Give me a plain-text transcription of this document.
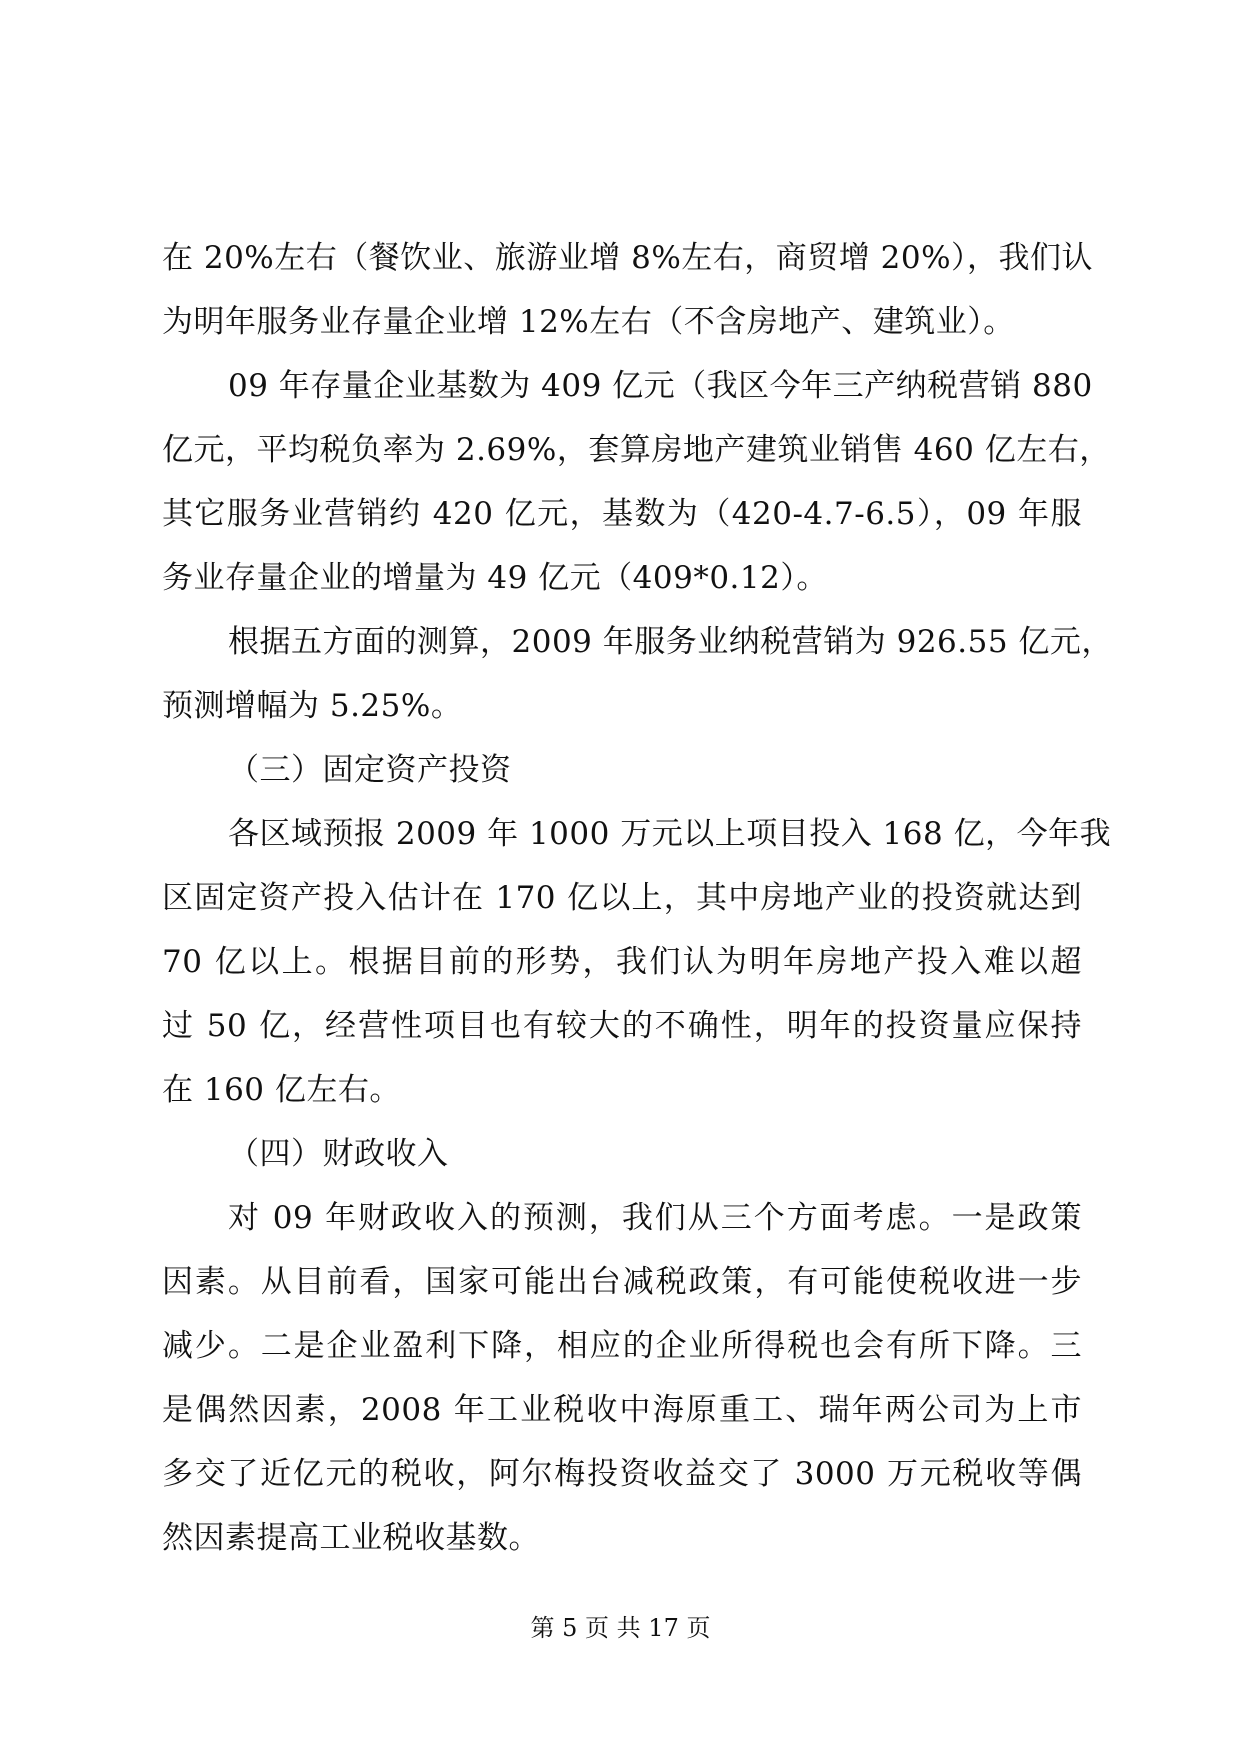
在 20%左右（餐饮业、旅游业增 8%左右，商贸增 20%），我们认
为明年服务业存量企业增 12%左右（不含房地产、建筑业）。
09 年存量企业基数为 409 亿元（我区今年三产纳税营销 880
亿元，平均税负率为 2.69%，套算房地产建筑业销售 460 亿左右，
其它服务业营销约 420 亿元，基数为（420-4.7-6.5），09 年服
务业存量企业的增量为 49 亿元（409*0.12）。
根据五方面的测算，2009 年服务业纳税营销为 926.55 亿元，
预测增幅为 5.25%。
（三）固定资产投资
各区域预报 2009 年 1000 万元以上项目投入 168 亿，今年我
区固定资产投入估计在 170 亿以上，其中房地产业的投资就达到
70 亿以上。根据目前的形势，我们认为明年房地产投入难以超
过 50 亿，经营性项目也有较大的不确性，明年的投资量应保持
在 160 亿左右。
（四）财政收入
对 09 年财政收入的预测，我们从三个方面考虑。一是政策
因素。从目前看，国家可能出台减税政策，有可能使税收进一步
减少。二是企业盈利下降，相应的企业所得税也会有所下降。三
是偶然因素，2008 年工业税收中海原重工、瑞年两公司为上市
多交了近亿元的税收，阿尔梅投资收益交了 3000 万元税收等偶
然因素提高工业税收基数。
第 5 页 共 17 页
